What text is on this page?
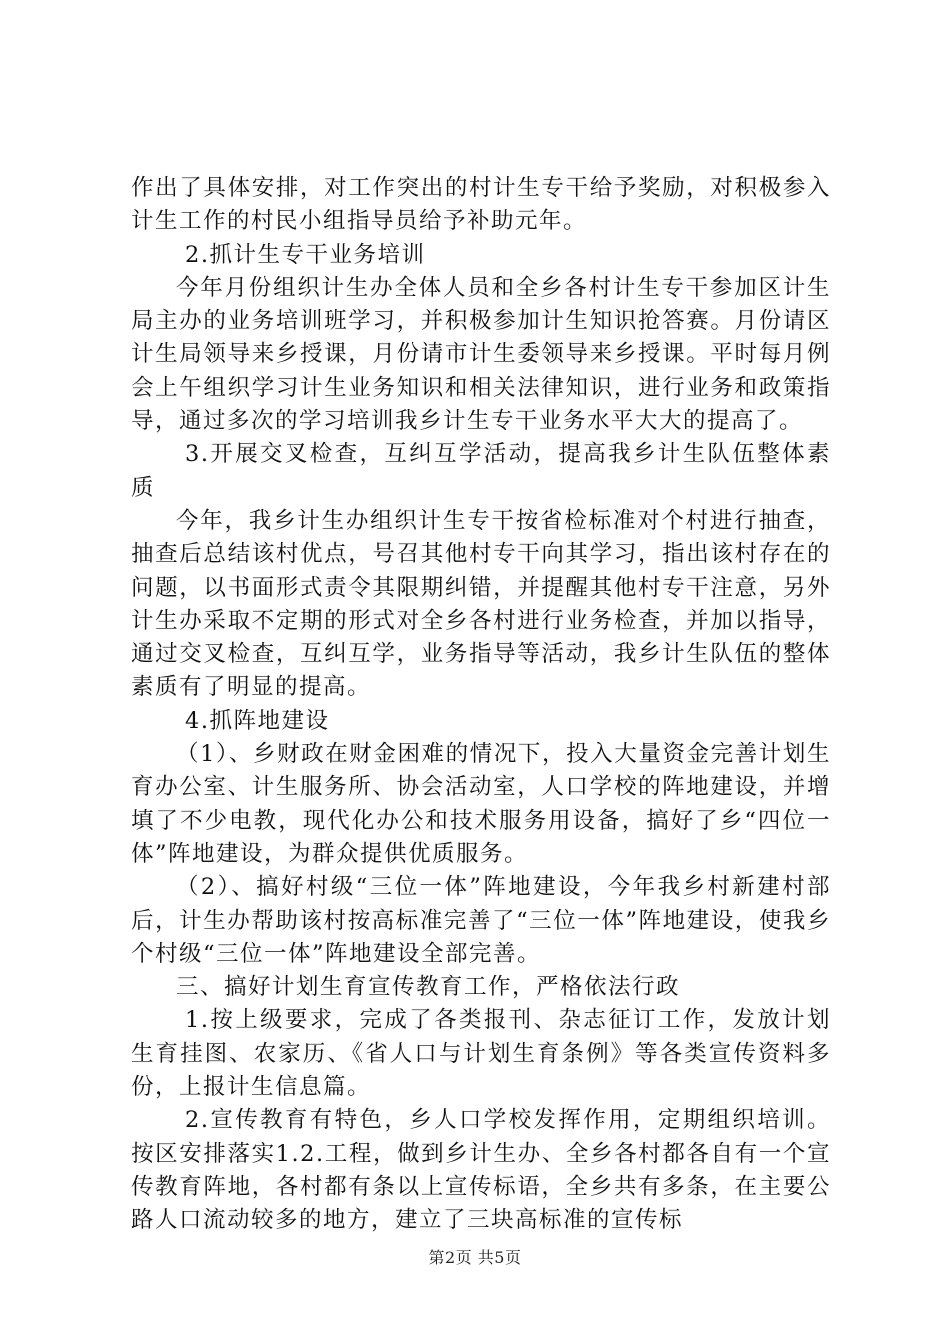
作出了具体安排，对工作突出的村计生专干给予奖励，对积极参入计生工作的村民小组指导员给予补助元年。

2.抓计生专干业务培训

今年月份组织计生办全体人员和全乡各村计生专干参加区计生局主办的业务培训班学习，并积极参加计生知识抢答赛。月份请区计生局领导来乡授课，月份请市计生委领导来乡授课。平时每月例会上午组织学习计生业务知识和相关法律知识，进行业务和政策指导，通过多次的学习培训我乡计生专干业务水平大大的提高了。

3.开展交叉检查，互纠互学活动，提高我乡计生队伍整体素质

今年，我乡计生办组织计生专干按省检标准对个村进行抽查，抽查后总结该村优点，号召其他村专干向其学习，指出该村存在的问题，以书面形式责令其限期纠错，并提醒其他村专干注意，另外计生办采取不定期的形式对全乡各村进行业务检查，并加以指导，通过交叉检查，互纠互学，业务指导等活动，我乡计生队伍的整体素质有了明显的提高。

4.抓阵地建设

（1）、乡财政在财金困难的情况下，投入大量资金完善计划生育办公室、计生服务所、协会活动室，人口学校的阵地建设，并增填了不少电教，现代化办公和技术服务用设备，搞好了乡“四位一体”阵地建设，为群众提供优质服务。

（2）、搞好村级“三位一体”阵地建设，今年我乡村新建村部后，计生办帮助该村按高标准完善了“三位一体”阵地建设，使我乡个村级“三位一体”阵地建设全部完善。

三、搞好计划生育宣传教育工作，严格依法行政

1.按上级要求，完成了各类报刊、杂志征订工作，发放计划生育挂图、农家历、《省人口与计划生育条例》等各类宣传资料多份，上报计生信息篇。

2.宣传教育有特色，乡人口学校发挥作用，定期组织培训。按区安排落实1.2.工程，做到乡计生办、全乡各村都各自有一个宣传教育阵地，各村都有条以上宣传标语，全乡共有多条，在主要公路人口流动较多的地方，建立了三块高标准的宣传标

第2页 共5页
